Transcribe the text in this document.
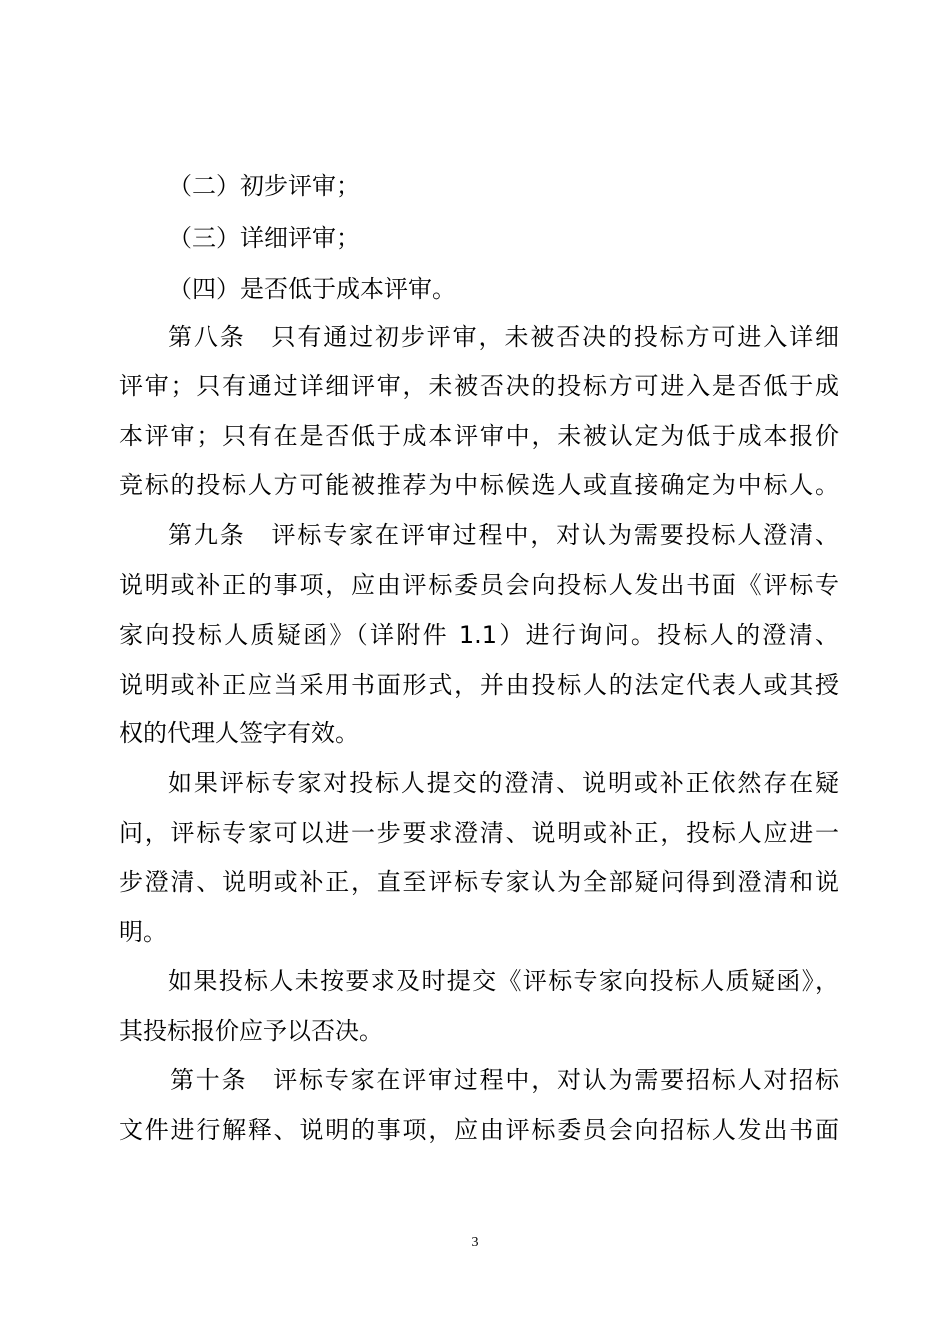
（二）初步评审；
（三）详细评审；
（四）是否低于成本评审。
第八条　只有通过初步评审，未被否决的投标方可进入详细
评审；只有通过详细评审，未被否决的投标方可进入是否低于成
本评审；只有在是否低于成本评审中，未被认定为低于成本报价
竞标的投标人方可能被推荐为中标候选人或直接确定为中标人。
第九条　评标专家在评审过程中，对认为需要投标人澄清、
说明或补正的事项，应由评标委员会向投标人发出书面《评标专
家向投标人质疑函》（详附件 1.1）进行询问。投标人的澄清、
说明或补正应当采用书面形式，并由投标人的法定代表人或其授
权的代理人签字有效。
如果评标专家对投标人提交的澄清、说明或补正依然存在疑
问，评标专家可以进一步要求澄清、说明或补正，投标人应进一
步澄清、说明或补正，直至评标专家认为全部疑问得到澄清和说
明。
如果投标人未按要求及时提交《评标专家向投标人质疑函》，
其投标报价应予以否决。
第十条　评标专家在评审过程中，对认为需要招标人对招标
文件进行解释、说明的事项，应由评标委员会向招标人发出书面
3
